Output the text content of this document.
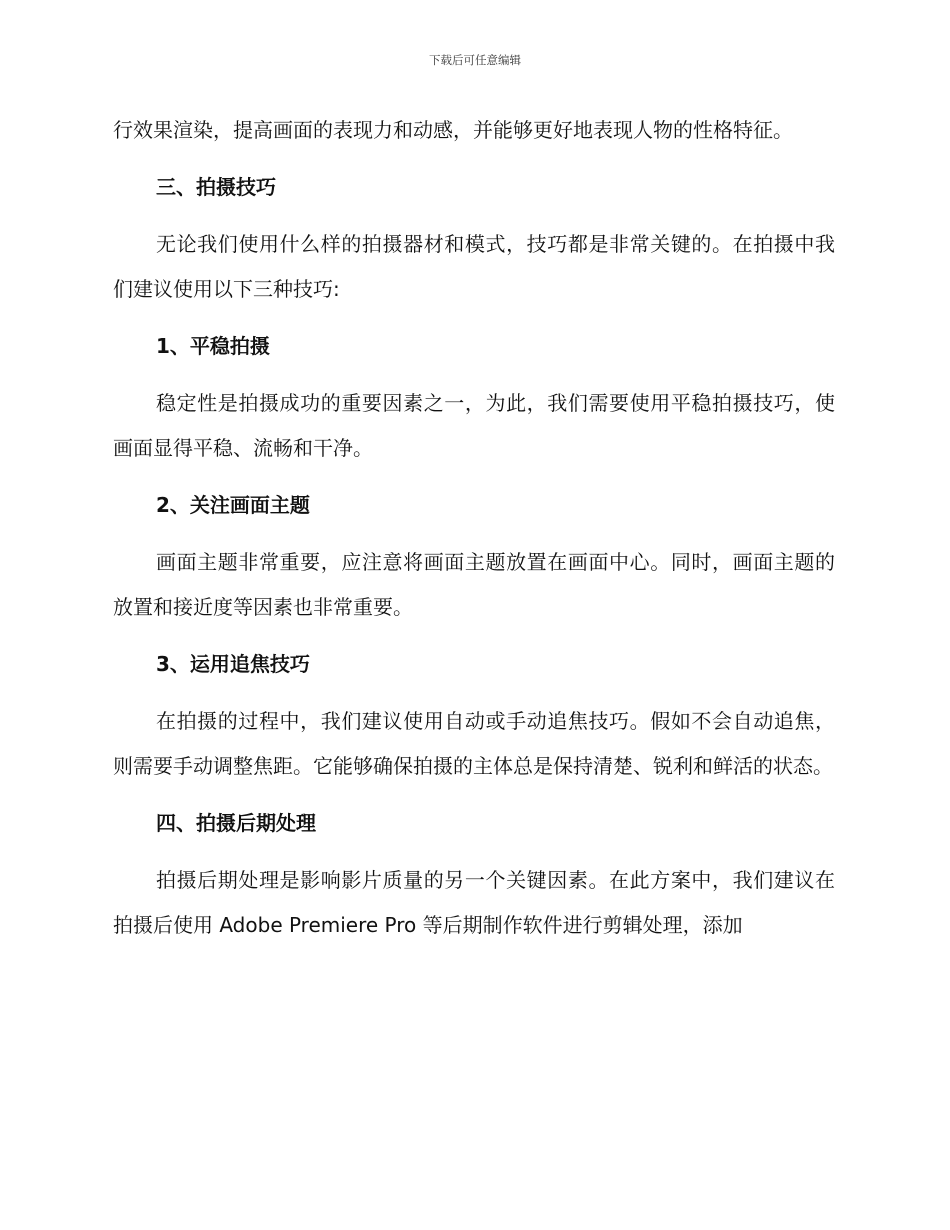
下载后可任意编辑

行效果渲染，提高画面的表现力和动感，并能够更好地表现人物的性格特征。

三、拍摄技巧

无论我们使用什么样的拍摄器材和模式，技巧都是非常关键的。在拍摄中我们建议使用以下三种技巧:

1、平稳拍摄

稳定性是拍摄成功的重要因素之一，为此，我们需要使用平稳拍摄技巧，使画面显得平稳、流畅和干净。

2、关注画面主题

画面主题非常重要，应注意将画面主题放置在画面中心。同时，画面主题的放置和接近度等因素也非常重要。

3、运用追焦技巧

在拍摄的过程中，我们建议使用自动或手动追焦技巧。假如不会自动追焦，则需要手动调整焦距。它能够确保拍摄的主体总是保持清楚、锐利和鲜活的状态。

四、拍摄后期处理

拍摄后期处理是影响影片质量的另一个关键因素。在此方案中，我们建议在拍摄后使用 Adobe Premiere Pro 等后期制作软件进行剪辑处理，添加
